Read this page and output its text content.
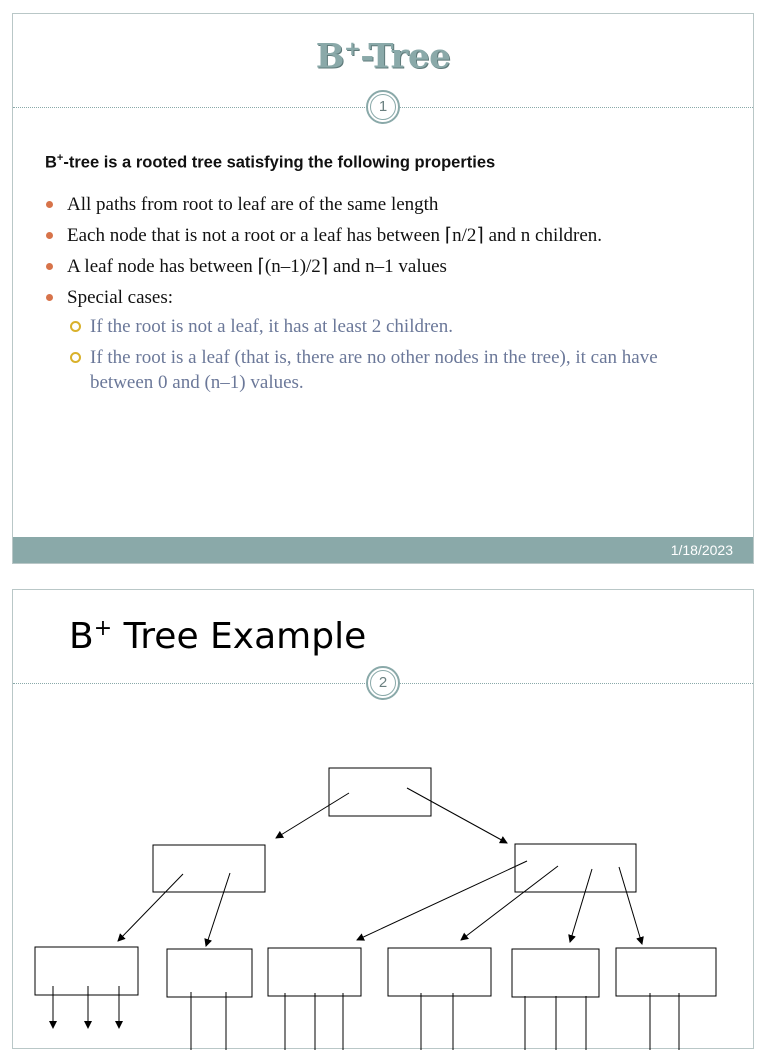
B+-Tree
1
B+-tree is a rooted tree satisfying the following properties
All paths from root to leaf are of the same length
Each node that is not a root or a leaf has between ⌈n/2⌉ and n children.
A leaf node has between ⌈(n–1)/2⌉ and n–1 values
Special cases:
If the root is not a leaf, it has at least 2 children.
If the root is a leaf (that is, there are no other nodes in the tree), it can have between 0 and (n–1) values.
1/18/2023
B+ Tree Example
2
